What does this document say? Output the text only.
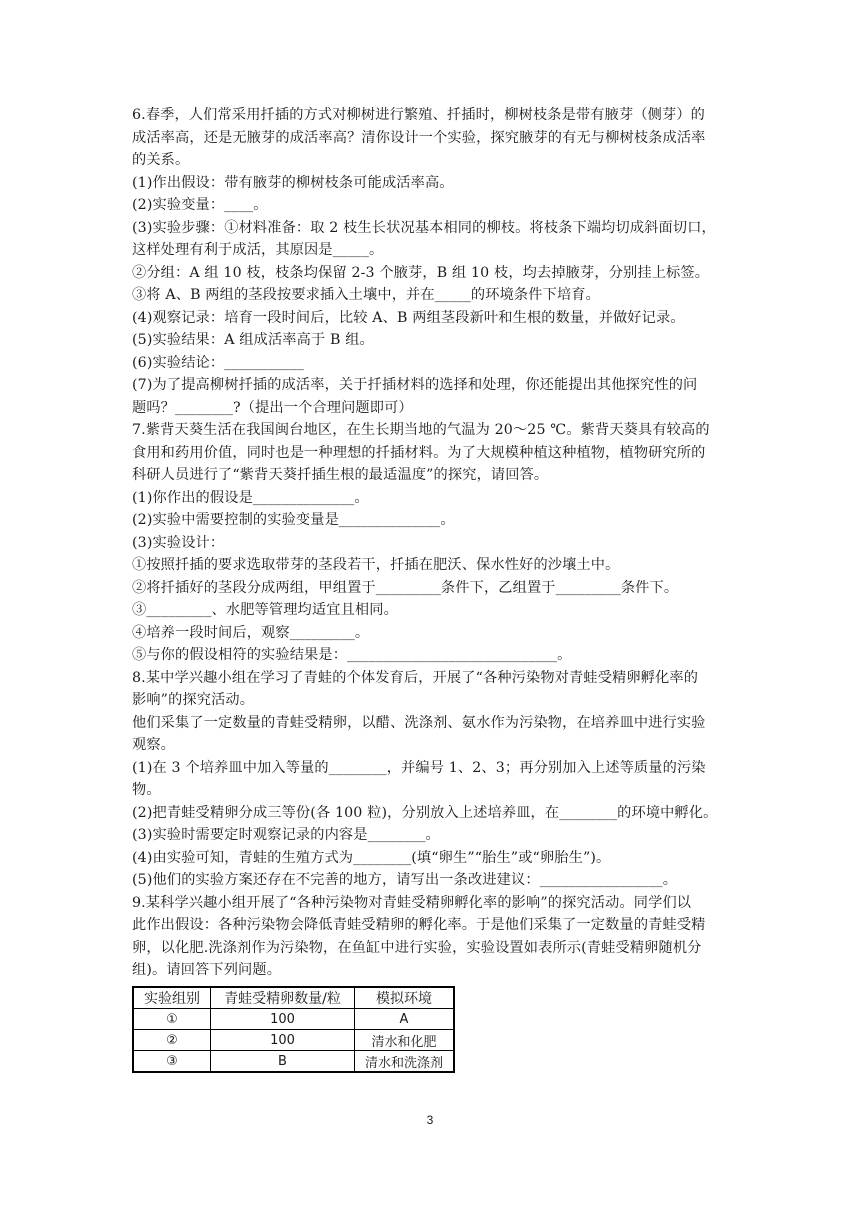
6.春季，人们常采用扦插的方式对柳树进行繁殖、扦插时，柳树枝条是带有腋芽（侧芽）的
成活率高，还是无腋芽的成活率高？清你设计一个实验，探究腋芽的有无与柳树枝条成活率
的关系。
(1)作出假设：带有腋芽的柳树枝条可能成活率高。
(2)实验变量：____。
(3)实验步骤：①材料准备：取 2 枝生长状况基本相同的柳枝。将枝条下端均切成斜面切口，
这样处理有利于成活，其原因是_____。
②分组：A 组 10 枝，枝条均保留 2-3 个腋芽，B 组 10 枝，均去掉腋芽，分别挂上标签。
③将 A、B 两组的茎段按要求插入土壤中，并在_____的环境条件下培育。
(4)观察记录：培育一段时间后，比较 A、B 两组茎段新叶和生根的数量，并做好记录。
(5)实验结果：A 组成活率高于 B 组。
(6)实验结论：___________
(7)为了提高柳树扦插的成活率，关于扦插材料的选择和处理，你还能提出其他探究性的问
题吗？________?（提出一个合理问题即可）
7.紫背天葵生活在我国闽台地区，在生长期当地的气温为 20～25 ℃。紫背天葵具有较高的
食用和药用价值，同时也是一种理想的扦插材料。为了大规模种植这种植物，植物研究所的
科研人员进行了“紫背天葵扦插生根的最适温度”的探究，请回答。
(1)你作出的假设是______________。
(2)实验中需要控制的实验变量是______________。
(3)实验设计：
①按照扦插的要求选取带芽的茎段若干，扦插在肥沃、保水性好的沙壤土中。
②将扦插好的茎段分成两组，甲组置于_________条件下，乙组置于_________条件下。
③_________、水肥等管理均适宜且相同。
④培养一段时间后，观察_________。
⑤与你的假设相符的实验结果是：_____________________________。
8.某中学兴趣小组在学习了青蛙的个体发育后，开展了“各种污染物对青蛙受精卵孵化率的
影响”的探究活动。
他们采集了一定数量的青蛙受精卵，以醋、洗涤剂、氨水作为污染物，在培养皿中进行实验
观察。
(1)在 3 个培养皿中加入等量的________，并编号 1、2、3；再分别加入上述等质量的污染
物。
(2)把青蛙受精卵分成三等份(各 100 粒)，分别放入上述培养皿，在________的环境中孵化。
(3)实验时需要定时观察记录的内容是________。
(4)由实验可知，青蛙的生殖方式为________(填“卵生”“胎生”或“卵胎生”)。
(5)他们的实验方案还存在不完善的地方，请写出一条改进建议：_________________。
9.某科学兴趣小组开展了“各种污染物对青蛙受精卵孵化率的影响”的探究活动。同学们以
此作出假设：各种污染物会降低青蛙受精卵的孵化率。于是他们采集了一定数量的青蛙受精
卵，以化肥.洗涤剂作为污染物，在鱼缸中进行实验，实验设置如表所示(青蛙受精卵随机分
组)。请回答下列问题。
实验组别	青蛙受精卵数量/粒	模拟环境
①	100	A
②	100	清水和化肥
③	B	清水和洗涤剂
3
